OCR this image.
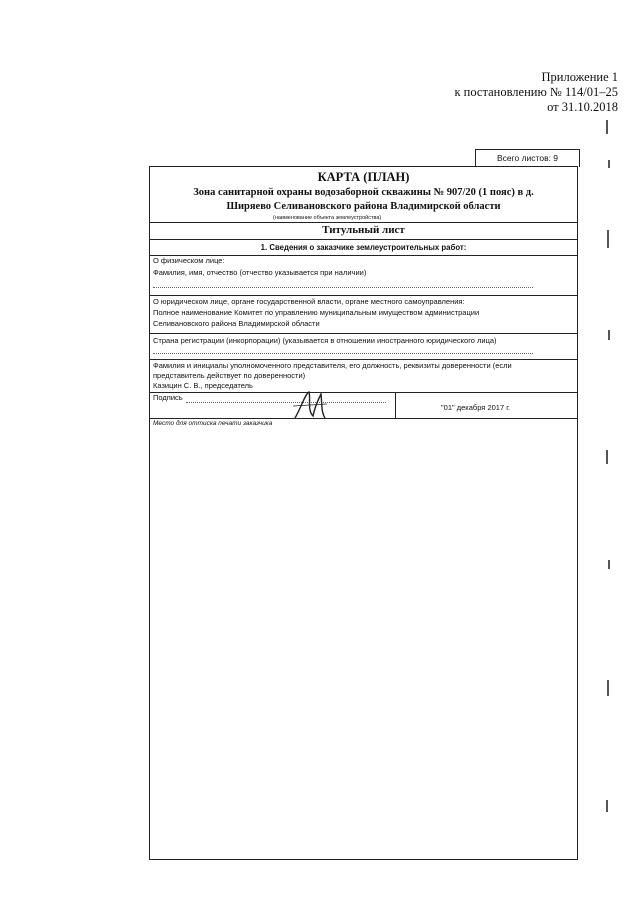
Приложение 1
к постановлению № 114/01–25
от 31.10.2018
Всего листов: 9
КАРТА (ПЛАН)
Зона санитарной охраны водозаборной скважины № 907/20 (1 пояс) в д.
Ширяево Селивановского района Владимирской области
(наименование объекта землеустройства)
Титульный лист
1. Сведения о заказчике землеустроительных работ:
О физическом лице:
Фамилия, имя, отчество (отчество указывается при наличии)
О юридическом лице, органе государственной власти, органе местного самоуправления:
Полное наименование Комитет по управлению муниципальным имуществом администрации
Селивановского района Владимирской области
Страна регистрации (инкорпорации) (указывается в отношении иностранного юридического лица)
Фамилия и инициалы уполномоченного представителя, его должность, реквизиты доверенности (если
представитель действует по доверенности)
Казицин С. В., председатель
Подпись
"01" декабря 2017 г.
Место для оттиска печати заказчика
